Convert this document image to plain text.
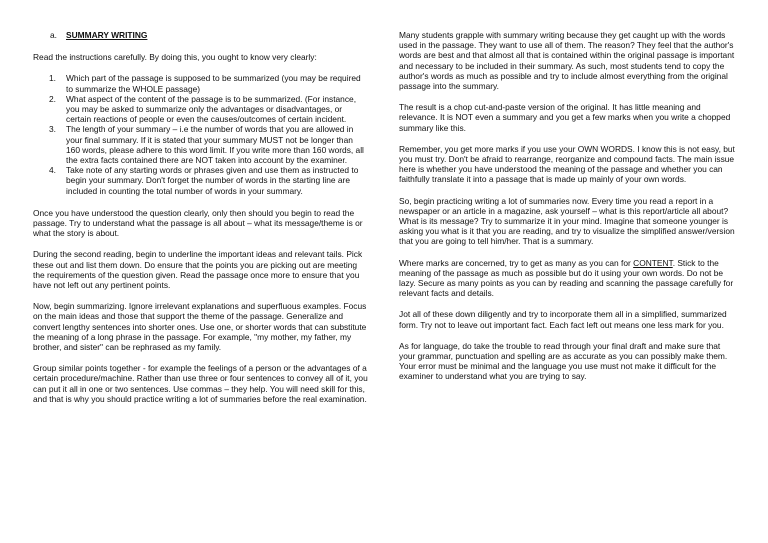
a. SUMMARY WRITING

Read the instructions carefully. By doing this, you ought to know very clearly:

1. Which part of the passage is supposed to be summarized (you may be required to summarize the WHOLE passage)
2. What aspect of the content of the passage is to be summarized. (For instance, you may be asked to summarize only the advantages or disadvantages, or certain reactions of people or even the causes/outcomes of certain incident.
3. The length of your summary – i.e the number of words that you are allowed in your final summary. If it is stated that your summary MUST not be longer than 160 words, please adhere to this word limit. If you write more than 160 words, all the extra facts contained there are NOT taken into account by the examiner.
4. Take note of any starting words or phrases given and use them as instructed to begin your summary. Don't forget the number of words in the starting line are included in counting the total number of words in your summary.

Once you have understood the question clearly, only then should you begin to read the passage. Try to understand what the passage is all about – what its message/theme is or what the story is about.

During the second reading, begin to underline the important ideas and relevant tails. Pick these out and list them down. Do ensure that the points you are picking out are meeting the requirements of the question given. Read the passage once more to ensure that you have not left out any pertinent points.

Now, begin summarizing. Ignore irrelevant explanations and superfluous examples. Focus on the main ideas and those that support the theme of the passage. Generalize and convert lengthy sentences into shorter ones. Use one, or shorter words that can substitute the meaning of a long phrase in the passage. For example, "my mother, my father, my brother, and sister" can be rephrased as my family.

Group similar points together - for example the feelings of a person or the advantages of a certain procedure/machine. Rather than use three or four sentences to convey all of it, you can put it all in one or two sentences. Use commas – they help. You will need skill for this, and that is why you should practice writing a lot of summaries before the real examination.

Many students grapple with summary writing because they get caught up with the words used in the passage. They want to use all of them. The reason? They feel that the author's words are best and that almost all that is contained within the original passage is important and necessary to be included in their summary. As such, most students tend to copy the author's words as much as possible and try to include almost everything from the original passage into the summary.

The result is a chop cut-and-paste version of the original. It has little meaning and relevance. It is NOT even a summary and you get a few marks when you write a chopped summary like this.

Remember, you get more marks if you use your OWN WORDS. I know this is not easy, but you must try. Don't be afraid to rearrange, reorganize and compound facts. The main issue here is whether you have understood the meaning of the passage and whether you can faithfully translate it into a passage that is made up mainly of your own words.

So, begin practicing writing a lot of summaries now. Every time you read a report in a newspaper or an article in a magazine, ask yourself – what is this report/article all about? What is its message? Try to summarize it in your mind. Imagine that someone younger is asking you what is it that you are reading, and try to visualize the simplified answer/version that you are going to tell him/her. That is a summary.

Where marks are concerned, try to get as many as you can for CONTENT. Stick to the meaning of the passage as much as possible but do it using your own words. Do not be lazy. Secure as many points as you can by reading and scanning the passage carefully for relevant facts and details.

Jot all of these down diligently and try to incorporate them all in a simplified, summarized form. Try not to leave out important fact. Each fact left out means one less mark for you.

As for language, do take the trouble to read through your final draft and make sure that your grammar, punctuation and spelling are as accurate as you can possibly make them. Your error must be minimal and the language you use must not make it difficult for the examiner to understand what you are trying to say.
